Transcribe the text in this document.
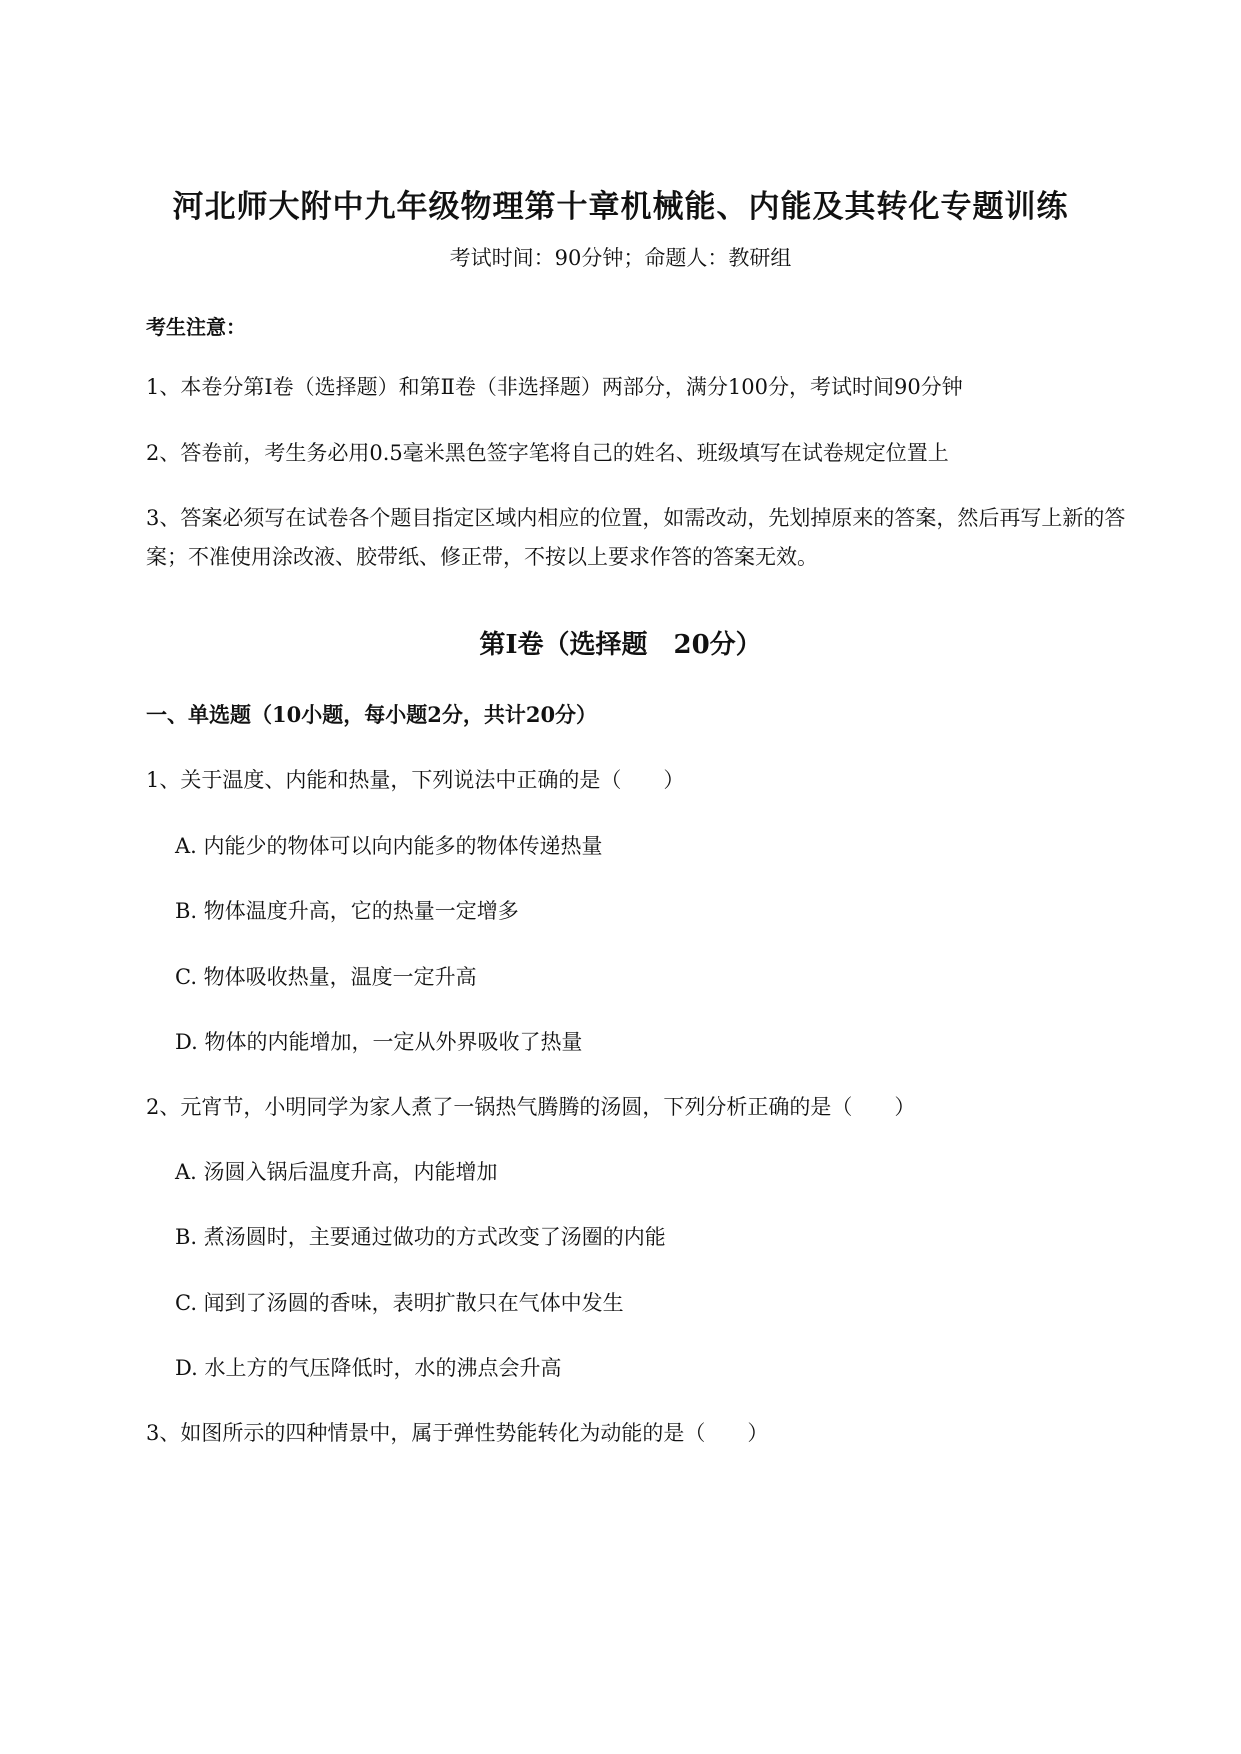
河北师大附中九年级物理第十章机械能、内能及其转化专题训练

考试时间：90分钟；命题人：教研组

考生注意：

1、本卷分第I卷（选择题）和第Ⅱ卷（非选择题）两部分，满分100分，考试时间90分钟

2、答卷前，考生务必用0.5毫米黑色签字笔将自己的姓名、班级填写在试卷规定位置上

3、答案必须写在试卷各个题目指定区域内相应的位置，如需改动，先划掉原来的答案，然后再写上新的答案；不准使用涂改液、胶带纸、修正带，不按以上要求作答的答案无效。

第I卷（选择题　20分）

一、单选题（10小题，每小题2分，共计20分）

1、关于温度、内能和热量，下列说法中正确的是（　　）

A. 内能少的物体可以向内能多的物体传递热量

B. 物体温度升高，它的热量一定增多

C. 物体吸收热量，温度一定升高

D. 物体的内能增加，一定从外界吸收了热量

2、元宵节，小明同学为家人煮了一锅热气腾腾的汤圆，下列分析正确的是（　　）

A. 汤圆入锅后温度升高，内能增加

B. 煮汤圆时，主要通过做功的方式改变了汤圈的内能

C. 闻到了汤圆的香味，表明扩散只在气体中发生

D. 水上方的气压降低时，水的沸点会升高

3、如图所示的四种情景中，属于弹性势能转化为动能的是（　　）
